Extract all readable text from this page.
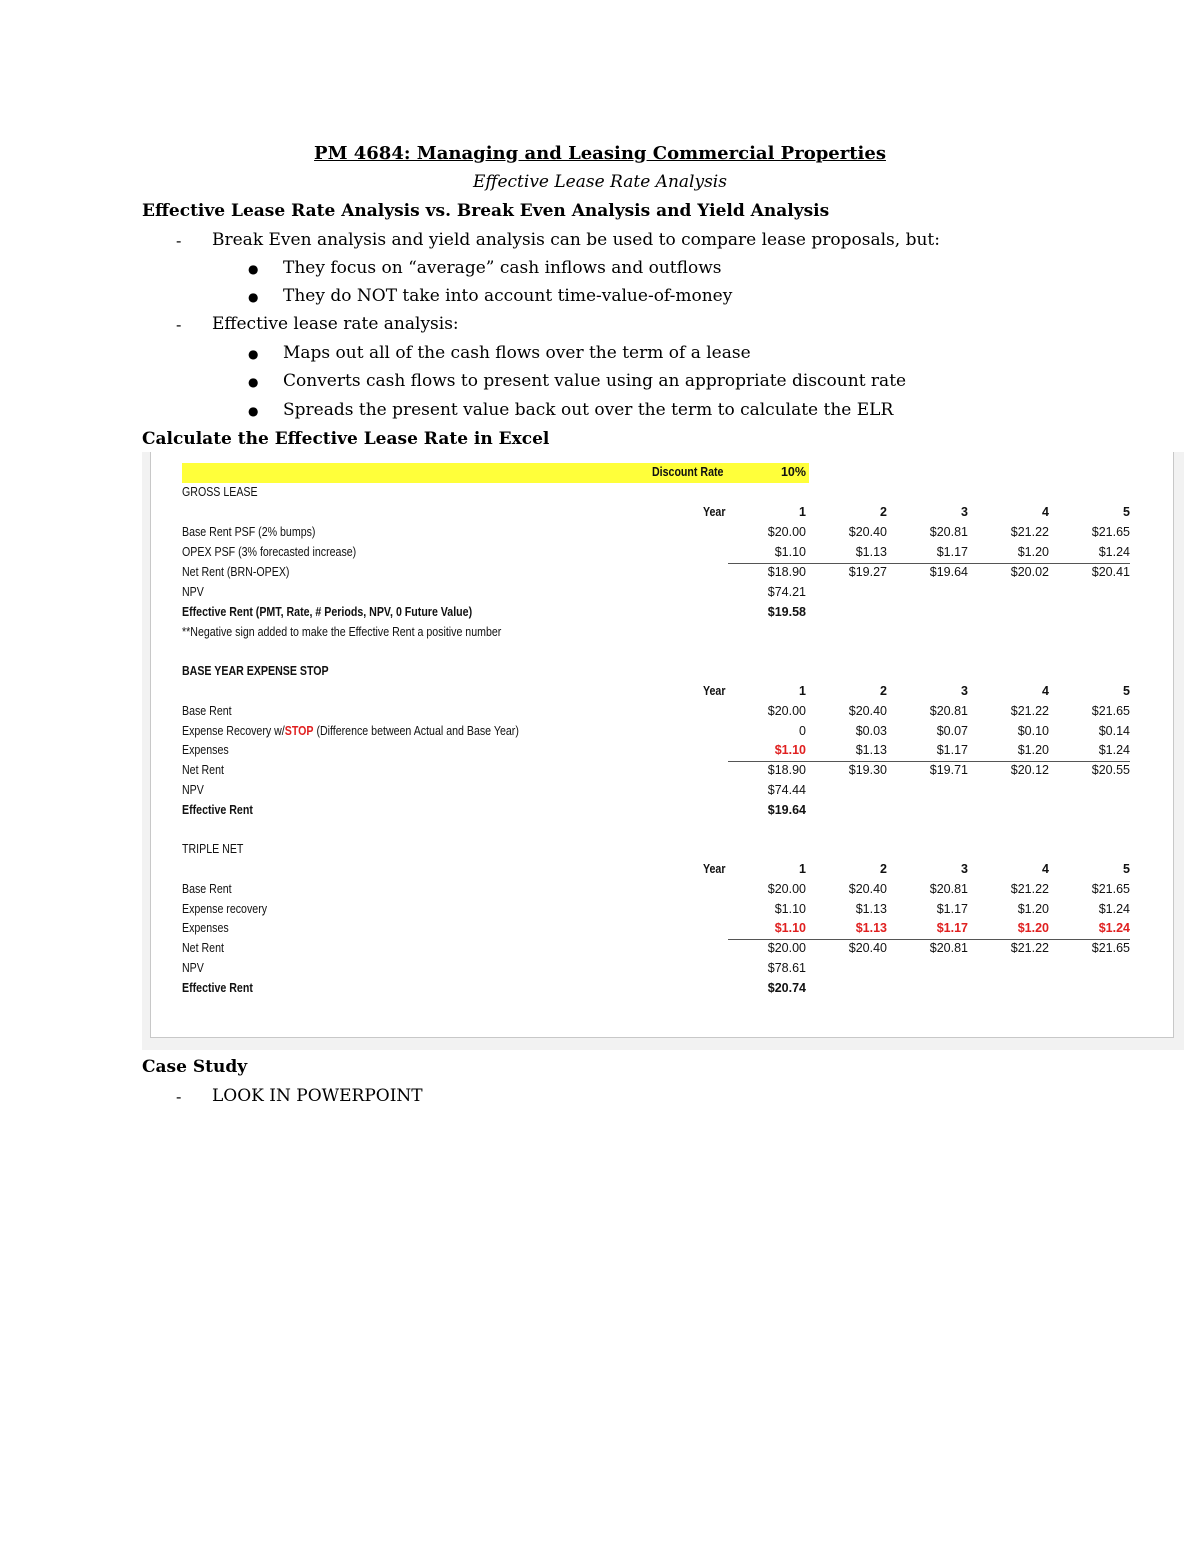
PM 4684: Managing and Leasing Commercial Properties
Effective Lease Rate Analysis
Effective Lease Rate Analysis vs. Break Even Analysis and Yield Analysis
- Break Even analysis and yield analysis can be used to compare lease proposals, but:
● They focus on “average” cash inflows and outflows
● They do NOT take into account time-value-of-money
- Effective lease rate analysis:
● Maps out all of the cash flows over the term of a lease
● Converts cash flows to present value using an appropriate discount rate
● Spreads the present value back out over the term to calculate the ELR
Calculate the Effective Lease Rate in Excel
Discount Rate	10%
GROSS LEASE
Year	1	2	3	4	5
Base Rent PSF (2% bumps)	$20.00	$20.40	$20.81	$21.22	$21.65
OPEX PSF (3% forecasted increase)	$1.10	$1.13	$1.17	$1.20	$1.24
Net Rent (BRN-OPEX)	$18.90	$19.27	$19.64	$20.02	$20.41
NPV	$74.21
Effective Rent (PMT, Rate, # Periods, NPV, 0 Future Value)	$19.58
**Negative sign added to make the Effective Rent a positive number
BASE YEAR EXPENSE STOP
Year	1	2	3	4	5
Base Rent	$20.00	$20.40	$20.81	$21.22	$21.65
Expense Recovery w/STOP (Difference between Actual and Base Year)	0	$0.03	$0.07	$0.10	$0.14
Expenses	$1.10	$1.13	$1.17	$1.20	$1.24
Net Rent	$18.90	$19.30	$19.71	$20.12	$20.55
NPV	$74.44
Effective Rent	$19.64
TRIPLE NET
Year	1	2	3	4	5
Base Rent	$20.00	$20.40	$20.81	$21.22	$21.65
Expense recovery	$1.10	$1.13	$1.17	$1.20	$1.24
Expenses	$1.10	$1.13	$1.17	$1.20	$1.24
Net Rent	$20.00	$20.40	$20.81	$21.22	$21.65
NPV	$78.61
Effective Rent	$20.74
Case Study
- LOOK IN POWERPOINT
